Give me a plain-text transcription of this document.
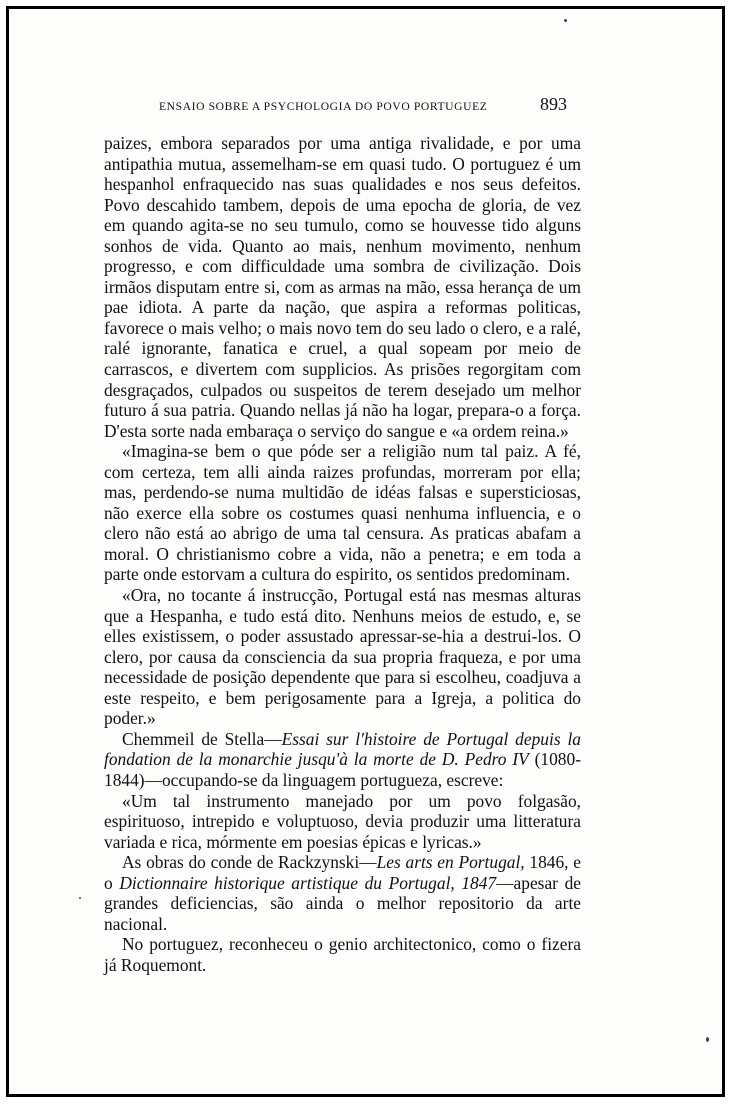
ENSAIO SOBRE A PSYCHOLOGIA DO POVO PORTUGUEZ	893

paizes, embora separados por uma antiga rivalidade, e por uma antipathia mutua, assemelham-se em quasi tudo. O portuguez é um hespanhol enfraquecido nas suas qualidades e nos seus defeitos. Povo descahido tambem, depois de uma epocha de gloria, de vez em quando agita-se no seu tumulo, como se houvesse tido alguns sonhos de vida. Quanto ao mais, nenhum movimento, nenhum progresso, e com difficuldade uma sombra de civilização. Dois irmãos disputam entre si, com as armas na mão, essa herança de um pae idiota. A parte da nação, que aspira a reformas politicas, favorece o mais velho; o mais novo tem do seu lado o clero, e a ralé, ralé ignorante, fanatica e cruel, a qual sopeam por meio de carrascos, e divertem com supplicios. As prisões regorgitam com desgraçados, culpados ou suspeitos de terem desejado um melhor futuro á sua patria. Quando nellas já não ha logar, prepara-o a força. D'esta sorte nada embaraça o serviço do sangue e «a ordem reina.»

«Imagina-se bem o que póde ser a religião num tal paiz. A fé, com certeza, tem alli ainda raizes profundas, morreram por ella; mas, perdendo-se numa multidão de idéas falsas e supersticiosas, não exerce ella sobre os costumes quasi nenhuma influencia, e o clero não está ao abrigo de uma tal censura. As praticas abafam a moral. O christianismo cobre a vida, não a penetra; e em toda a parte onde estorvam a cultura do espirito, os sentidos predominam.

«Ora, no tocante á instrucção, Portugal está nas mesmas alturas que a Hespanha, e tudo está dito. Nenhuns meios de estudo, e, se elles existissem, o poder assustado apressar-se-hia a destrui-los. O clero, por causa da consciencia da sua propria fraqueza, e por uma necessidade de posição dependente que para si escolheu, coadjuva a este respeito, e bem perigosamente para a Igreja, a politica do poder.»

Chemmeil de Stella—Essai sur l'histoire de Portugal depuis la fondation de la monarchie jusqu'à la morte de D. Pedro IV (1080-1844)—occupando-se da linguagem portugueza, escreve:

«Um tal instrumento manejado por um povo folgasão, espirituoso, intrepido e voluptuoso, devia produzir uma litteratura variada e rica, mórmente em poesias épicas e lyricas.»

As obras do conde de Rackzynski—Les arts en Portugal, 1846, e o Dictionnaire historique artistique du Portugal, 1847—apesar de grandes deficiencias, são ainda o melhor repositorio da arte nacional.

No portuguez, reconheceu o genio architectonico, como o fizera já Roquemont.
